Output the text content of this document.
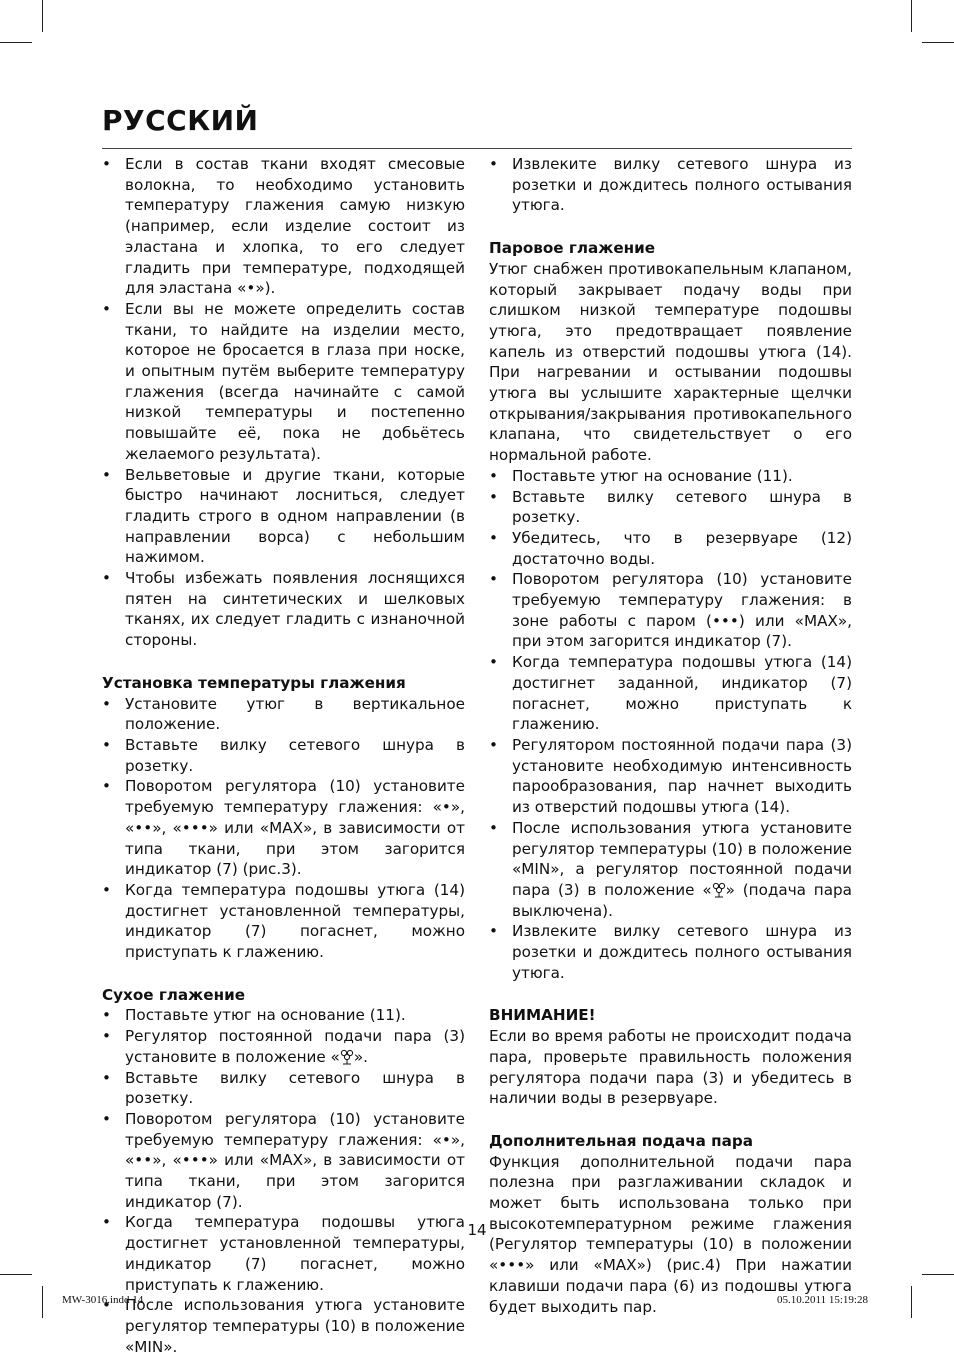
РУССКИЙ
• Если в состав ткани входят смесовые волокна, то необходимо установить температуру глажения самую низкую (например, если изделие состоит из эластана и хлопка, то его следует гладить при температуре, подходящей для эластана «•»).
• Если вы не можете определить состав ткани, то найдите на изделии место, которое не бросается в глаза при носке, и опытным путём выберите температуру глажения (всегда начинайте с самой низкой температуры и постепенно повышайте её, пока не добьётесь желаемого результата).
• Вельветовые и другие ткани, которые быстро начинают лосниться, следует гладить строго в одном направлении (в направлении ворса) с небольшим нажимом.
• Чтобы избежать появления лоснящихся пятен на синтетических и шелковых тканях, их следует гладить с изнаночной стороны.
Установка температуры глажения
• Установите утюг в вертикальное положение.
• Вставьте вилку сетевого шнура в розетку.
• Поворотом регулятора (10) установите требуемую температуру глажения: «•», «••», «•••» или «MAX», в зависимости от типа ткани, при этом загорится индикатор (7) (рис.3).
• Когда температура подошвы утюга (14) достигнет установленной температуры, индикатор (7) погаснет, можно приступать к глажению.
Сухое глажение
• Поставьте утюг на основание (11).
• Регулятор постоянной подачи пара (3) установите в положение « ».
• Вставьте вилку сетевого шнура в розетку.
• Поворотом регулятора (10) установите требуемую температуру глажения: «•», «••», «•••» или «MAX», в зависимости от типа ткани, при этом загорится индикатор (7).
• Когда температура подошвы утюга достигнет установленной температуры, индикатор (7) погаснет, можно приступать к глажению.
• После использования утюга установите регулятор температуры (10) в положение «MIN».
• Извлеките вилку сетевого шнура из розетки и дождитесь полного остывания утюга.
Паровое глажение

Утюг снабжен противокапельным клапаном, который закрывает подачу воды при слишком низкой температуре подошвы утюга, это предотвращает появление капель из отверстий подошвы утюга (14). При нагревании и остывании подошвы утюга вы услышите характерные щелчки открывания/закрывания противокапельного клапана, что свидетельствует о его нормальной работе.

• Поставьте утюг на основание (11).
• Вставьте вилку сетевого шнура в розетку.
• Убедитесь, что в резервуаре (12) достаточно воды.
• Поворотом регулятора (10) установите требуемую температуру глажения: в зоне работы с паром (•••) или «MAX», при этом загорится индикатор (7).
• Когда температура подошвы утюга (14) достигнет заданной, индикатор (7) погаснет, можно приступать к глажению.
• Регулятором постоянной подачи пара (3) установите необходимую интенсивность парообразования, пар начнет выходить из отверстий подошвы утюга (14).
• После использования утюга установите регулятор температуры (10) в положение «MIN», а регулятор постоянной подачи пара (3) в положение « » (подача пара выключена).
• Извлеките вилку сетевого шнура из розетки и дождитесь полного остывания утюга.
ВНИМАНИЕ!

Если во время работы не происходит подача пара, проверьте правильность положения регулятора подачи пара (3) и убедитесь в наличии воды в резервуаре.

Дополнительная подача пара

Функция дополнительной подачи пара полезна при разглаживании складок и может быть использована только при высокотемпературном режиме глажения (Регулятор температуры (10) в положении «•••» или «MAX») (рис.4) При нажатии клавиши подачи пара (6) из подошвы утюга будет выходить пар.

14
MW-3016.indd 14	05.10.2011 15:19:28
